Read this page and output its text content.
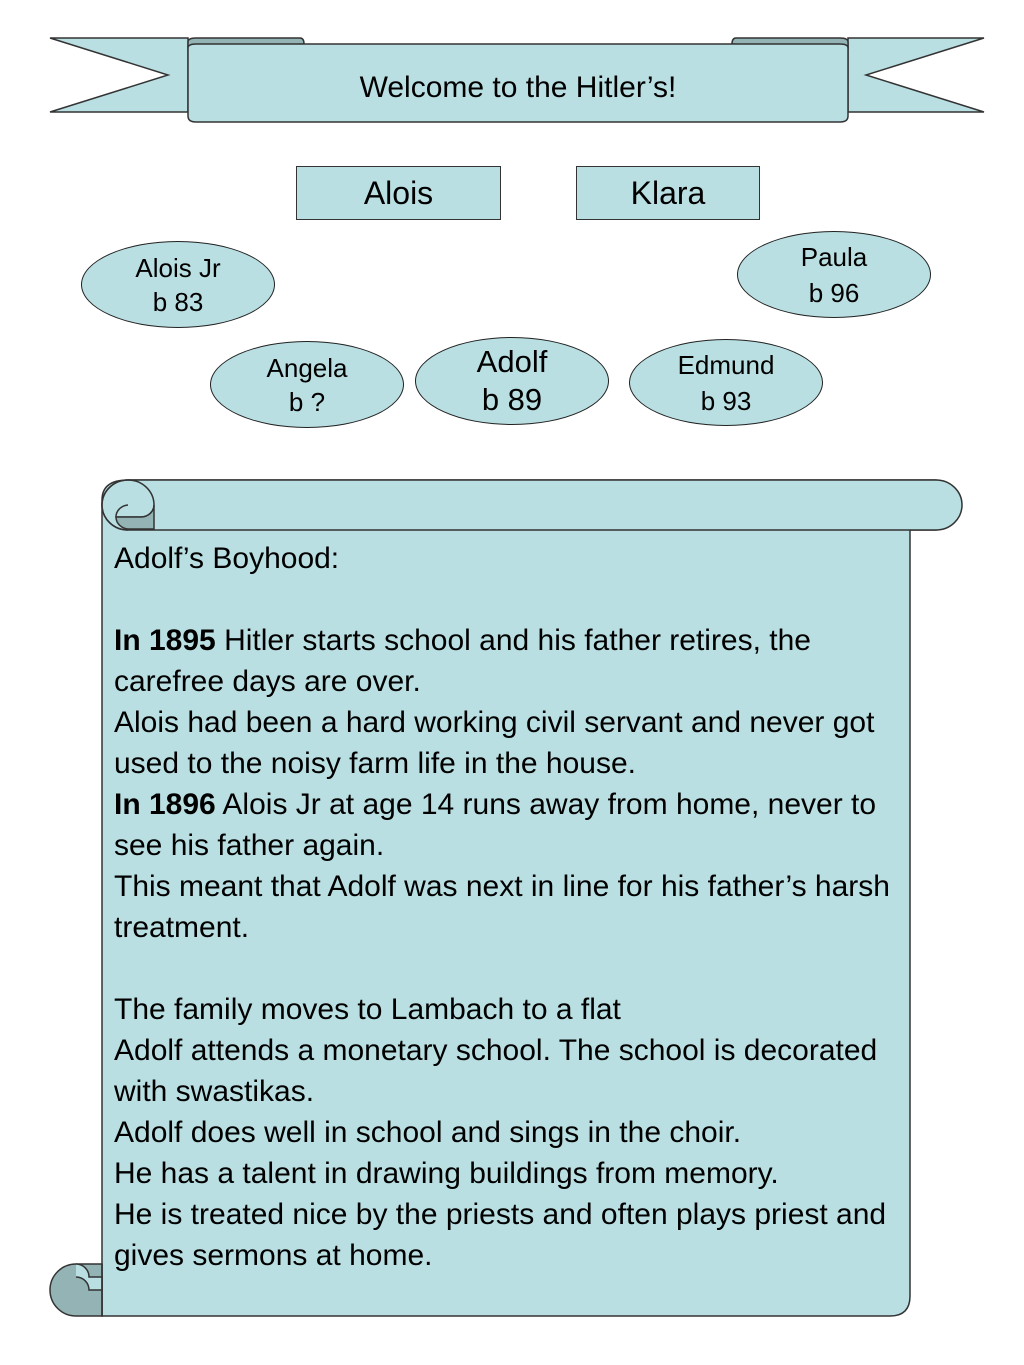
Welcome to the Hitler’s!
Alois	Klara
Alois Jr
b 83
Paula
b 96
Angela
b ?
Adolf
b 89
Edmund
b 93

Adolf’s Boyhood:

In 1895 Hitler starts school and his father retires, the carefree days are over.

Alois had been a hard working civil servant and never got used to the noisy farm life in the house.

In 1896 Alois Jr at age 14 runs away from home, never to see his father again.

This meant that Adolf was next in line for his father’s harsh treatment.

The family moves to Lambach to a flat

Adolf attends a monetary school. The school is decorated with swastikas.

Adolf does well in school and sings in the choir.

He has a talent in drawing buildings from memory.

He is treated nice by the priests and often plays priest and gives sermons at home.
